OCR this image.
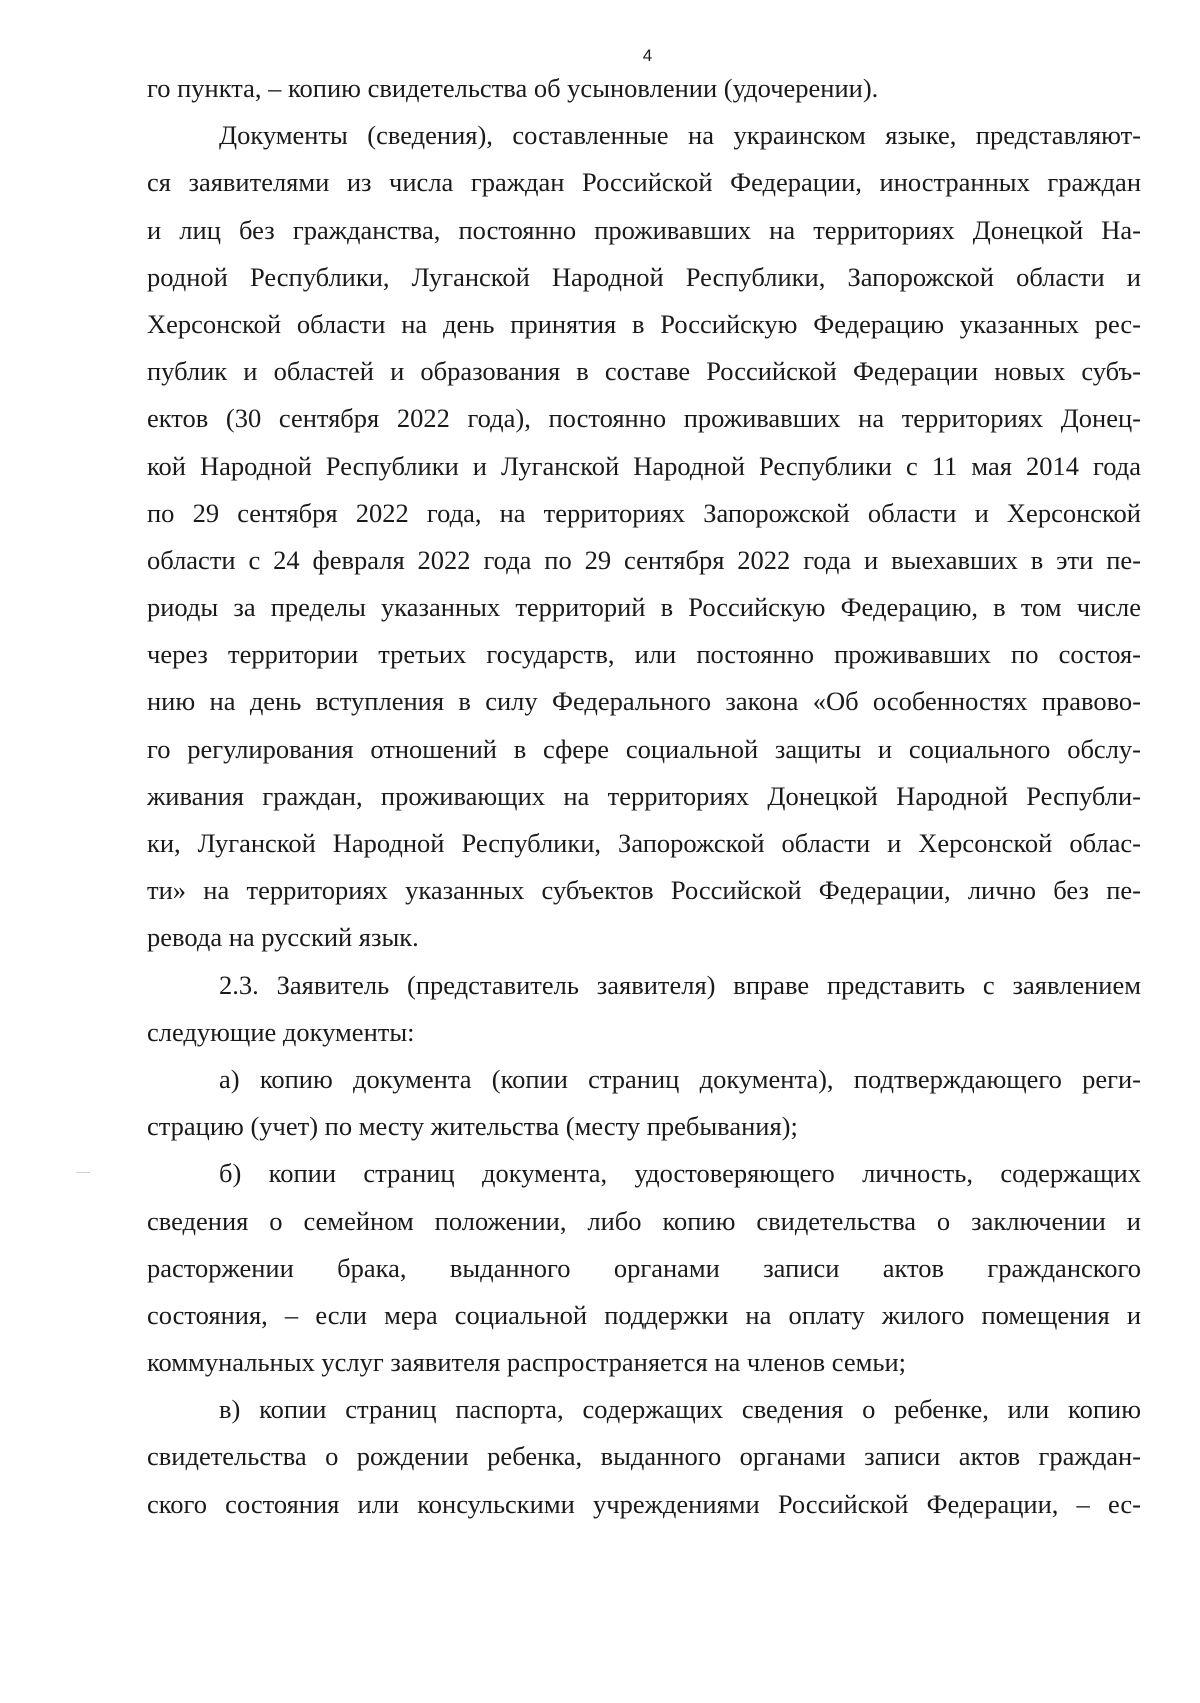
4
го пункта, – копию свидетельства об усыновлении (удочерении).
Документы (сведения), составленные на украинском языке, представляют-
ся заявителями из числа граждан Российской Федерации, иностранных граждан
и лиц без гражданства, постоянно проживавших на территориях Донецкой На-
родной Республики, Луганской Народной Республики, Запорожской области и
Херсонской области на день принятия в Российскую Федерацию указанных рес-
публик и областей и образования в составе Российской Федерации новых субъ-
ектов (30 сентября 2022 года), постоянно проживавших на территориях Донец-
кой Народной Республики и Луганской Народной Республики с 11 мая 2014 года
по 29 сентября 2022 года, на территориях Запорожской области и Херсонской
области с 24 февраля 2022 года по 29 сентября 2022 года и выехавших в эти пе-
риоды за пределы указанных территорий в Российскую Федерацию, в том числе
через территории третьих государств, или постоянно проживавших по состоя-
нию на день вступления в силу Федерального закона «Об особенностях правово-
го регулирования отношений в сфере социальной защиты и социального обслу-
живания граждан, проживающих на территориях Донецкой Народной Республи-
ки, Луганской Народной Республики, Запорожской области и Херсонской облас-
ти» на территориях указанных субъектов Российской Федерации, лично без пе-
ревода на русский язык.
2.3. Заявитель (представитель заявителя) вправе представить с заявлением
следующие документы:
а) копию документа (копии страниц документа), подтверждающего реги-
страцию (учет) по месту жительства (месту пребывания);
б) копии страниц документа, удостоверяющего личность, содержащих
сведения о семейном положении, либо копию свидетельства о заключении и
расторжении брака, выданного органами записи актов гражданского
состояния, – если мера социальной поддержки на оплату жилого помещения и
коммунальных услуг заявителя распространяется на членов семьи;
в) копии страниц паспорта, содержащих сведения о ребенке, или копию
свидетельства о рождении ребенка, выданного органами записи актов граждан-
ского состояния или консульскими учреждениями Российской Федерации, – ес-
